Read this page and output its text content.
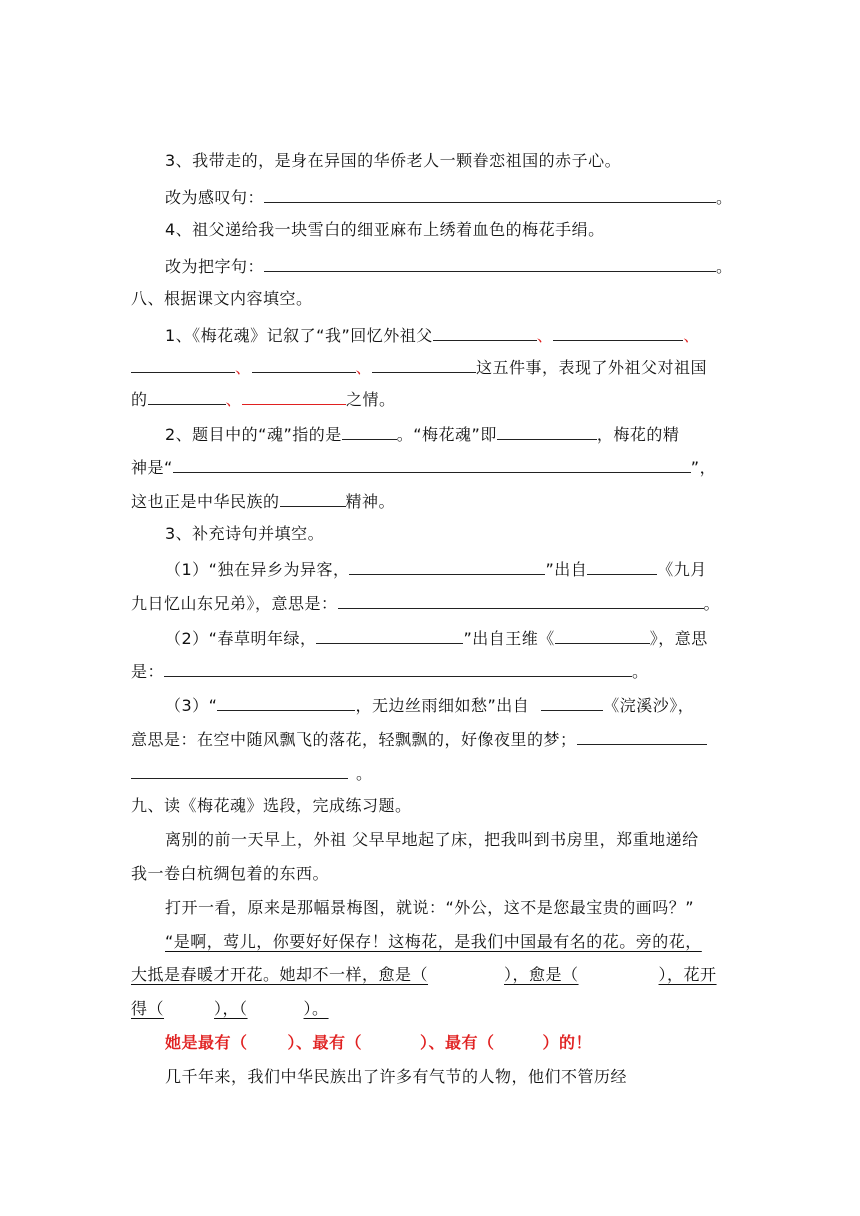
3、我带走的，是身在异国的华侨老人一颗眷恋祖国的赤子心。
改为感叹句：	。
4、祖父递给我一块雪白的细亚麻布上绣着血色的梅花手绢。
改为把字句：	。
八、根据课文内容填空。
1、《梅花魂》记叙了“我”回忆外祖父	、	、
、	、	这五件事，表现了外祖父对祖国
的	、	之情。
2、题目中的“魂”指的是	。“梅花魂”即	，梅花的精
神是“	”，
这也正是中华民族的	精神。
3、补充诗句并填空。
（1）“独在异乡为异客，	”出自	《九月
九日忆山东兄弟》，意思是：	。
（2）“春草明年绿，	”出自王维《	》，意思
是：	。
（3）“	，无边丝雨细如愁”出自	《浣溪沙》，
意思是：在空中随风飘飞的落花，轻飘飘的，好像夜里的梦；
。
九、读《梅花魂》选段，完成练习题。
离别的前一天早上，外祖 父早早地起了床，把我叫到书房里，郑重地递给
我一卷白杭绸包着的东西。
打开一看，原来是那幅景梅图，就说：“外公，这不是您最宝贵的画吗？”
“是啊，莺儿，你要好好保存！这梅花，是我们中国最有名的花。旁的花，
大抵是春暖才开花。她却不一样，愈是（	），愈是（	），花开
得（	），（	）。
她是最有（	）、最有（	）、最有（	）的！
几千年来，我们中华民族出了许多有气节的人物，他们不管历经
